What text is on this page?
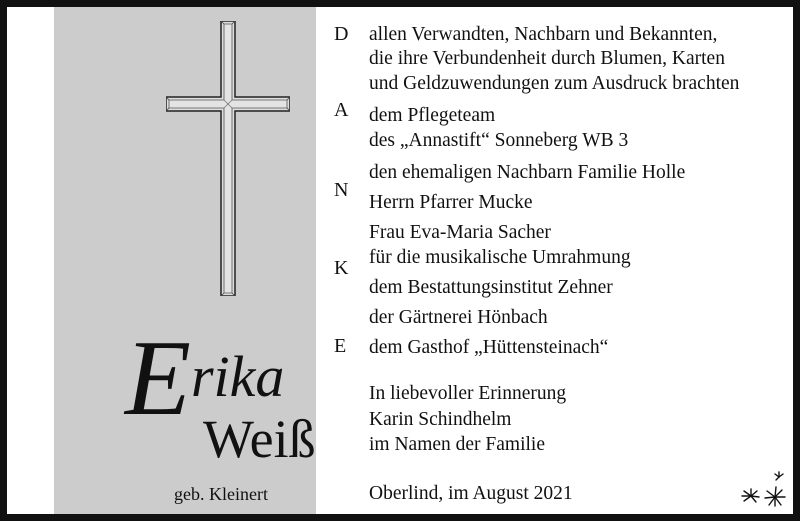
Erika
Weiß
geb. Kleinert
D
A
N
K
E
allen Verwandten, Nachbarn und Bekannten,
die ihre Verbundenheit durch Blumen, Karten
und Geldzuwendungen zum Ausdruck brachten
dem Pflegeteam
des „Annastift“ Sonneberg WB 3
den ehemaligen Nachbarn Familie Holle
Herrn Pfarrer Mucke
Frau Eva-Maria Sacher
für die musikalische Umrahmung
dem Bestattungsinstitut Zehner
der Gärtnerei Hönbach
dem Gasthof „Hüttensteinach“
In liebevoller Erinnerung
Karin Schindhelm
im Namen der Familie
Oberlind, im August 2021
